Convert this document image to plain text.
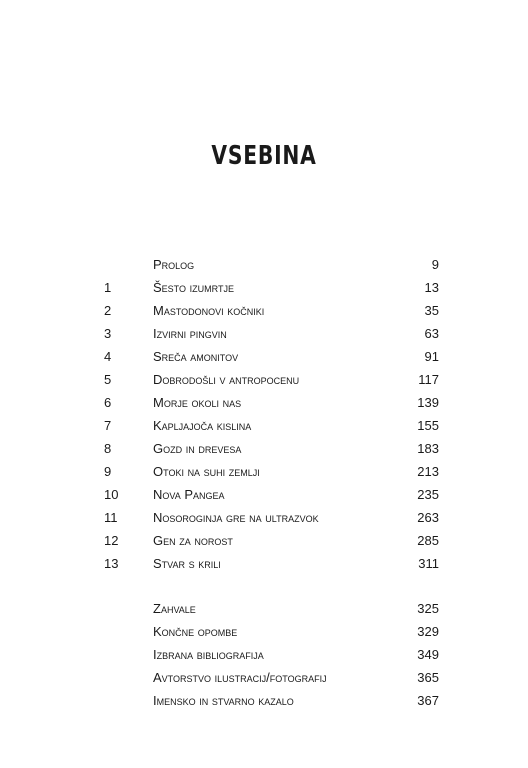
VSEBINA
Prolog	9
1	Šesto izumrtje	13
2	Mastodonovi kočniki	35
3	Izvirni pingvin	63
4	Sreča amonitov	91
5	Dobrodošli v antropocenu	117
6	Morje okoli nas	139
7	Kapljajoča kislina	155
8	Gozd in drevesa	183
9	Otoki na suhi zemlji	213
10	Nova Pangea	235
11	Nosoroginja gre na ultrazvok	263
12	Gen za norost	285
13	Stvar s krili	311
Zahvale	325
Končne opombe	329
Izbrana bibliografija	349
Avtorstvo ilustracij/fotografij	365
Imensko in stvarno kazalo	367
